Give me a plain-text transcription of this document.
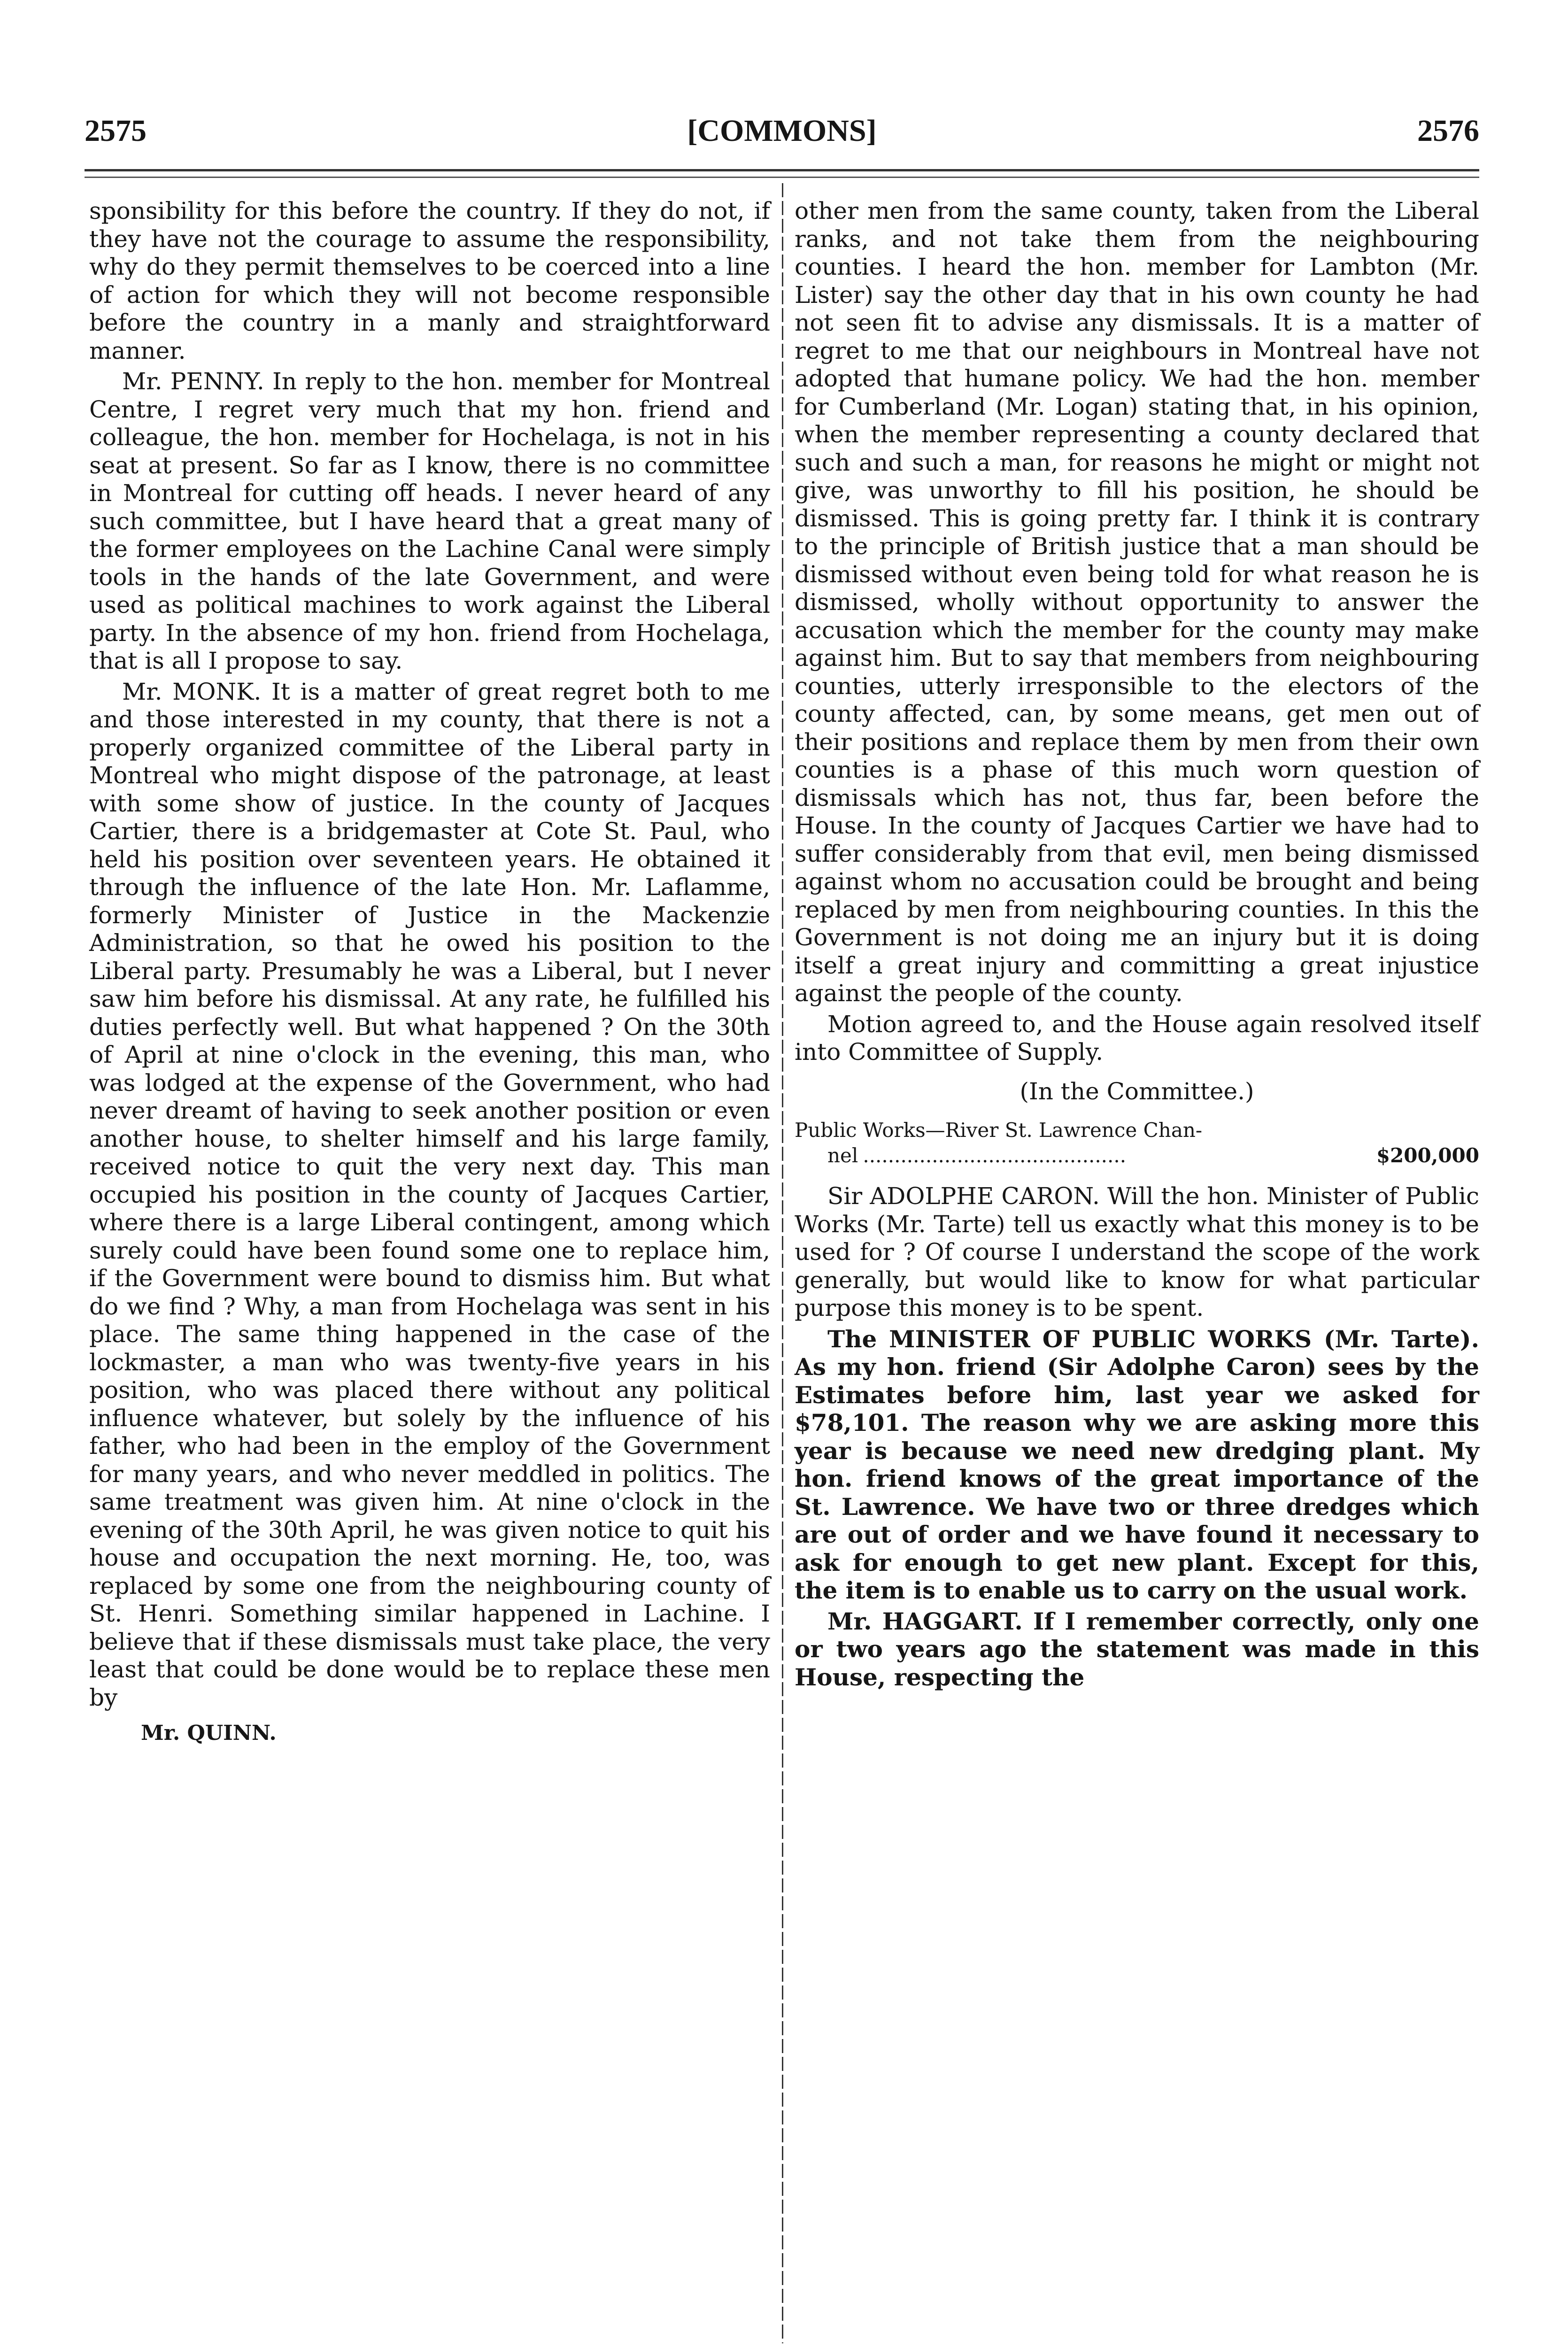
2575	[COMMONS]	2576

sponsibility for this before the country. If they do not, if they have not the courage to assume the responsibility, why do they permit themselves to be coerced into a line of action for which they will not become responsible before the country in a manly and straightforward manner.

Mr. PENNY. In reply to the hon. member for Montreal Centre, I regret very much that my hon. friend and colleague, the hon. member for Hochelaga, is not in his seat at present. So far as I know, there is no committee in Montreal for cutting off heads. I never heard of any such committee, but I have heard that a great many of the former employees on the Lachine Canal were simply tools in the hands of the late Government, and were used as political machines to work against the Liberal party. In the absence of my hon. friend from Hochelaga, that is all I propose to say.

Mr. MONK. It is a matter of great regret both to me and those interested in my county, that there is not a properly organized committee of the Liberal party in Montreal who might dispose of the patronage, at least with some show of justice. In the county of Jacques Cartier, there is a bridgemaster at Cote St. Paul, who held his position over seventeen years. He obtained it through the influence of the late Hon. Mr. Laflamme, formerly Minister of Justice in the Mackenzie Administration, so that he owed his position to the Liberal party. Presumably he was a Liberal, but I never saw him before his dismissal. At any rate, he fulfilled his duties perfectly well. But what happened ? On the 30th of April at nine o'clock in the evening, this man, who was lodged at the expense of the Government, who had never dreamt of having to seek another position or even another house, to shelter himself and his large family, received notice to quit the very next day. This man occupied his position in the county of Jacques Cartier, where there is a large Liberal contingent, among which surely could have been found some one to replace him, if the Government were bound to dismiss him. But what do we find ? Why, a man from Hochelaga was sent in his place. The same thing happened in the case of the lockmaster, a man who was twenty-five years in his position, who was placed there without any political influence whatever, but solely by the influence of his father, who had been in the employ of the Government for many years, and who never meddled in politics. The same treatment was given him. At nine o'clock in the evening of the 30th April, he was given notice to quit his house and occupation the next morning. He, too, was replaced by some one from the neighbouring county of St. Henri. Something similar happened in Lachine. I believe that if these dismissals must take place, the very least that could be done would be to replace these men by

Mr. QUINN.

other men from the same county, taken from the Liberal ranks, and not take them from the neighbouring counties. I heard the hon. member for Lambton (Mr. Lister) say the other day that in his own county he had not seen fit to advise any dismissals. It is a matter of regret to me that our neighbours in Montreal have not adopted that humane policy. We had the hon. member for Cumberland (Mr. Logan) stating that, in his opinion, when the member representing a county declared that such and such a man, for reasons he might or might not give, was unworthy to fill his position, he should be dismissed. This is going pretty far. I think it is contrary to the principle of British justice that a man should be dismissed without even being told for what reason he is dismissed, wholly without opportunity to answer the accusation which the member for the county may make against him. But to say that members from neighbouring counties, utterly irresponsible to the electors of the county affected, can, by some means, get men out of their positions and replace them by men from their own counties is a phase of this much worn question of dismissals which has not, thus far, been before the House. In the county of Jacques Cartier we have had to suffer considerably from that evil, men being dismissed against whom no accusation could be brought and being replaced by men from neighbouring counties. In this the Government is not doing me an injury but it is doing itself a great injury and committing a great injustice against the people of the county.

Motion agreed to, and the House again resolved itself into Committee of Supply.

(In the Committee.)

Public Works—River St. Lawrence Chan-
nel ..........................................	$200,000

Sir ADOLPHE CARON. Will the hon. Minister of Public Works (Mr. Tarte) tell us exactly what this money is to be used for ? Of course I understand the scope of the work generally, but would like to know for what particular purpose this money is to be spent.

The MINISTER OF PUBLIC WORKS (Mr. Tarte). As my hon. friend (Sir Adolphe Caron) sees by the Estimates before him, last year we asked for $78,101. The reason why we are asking more this year is because we need new dredging plant. My hon. friend knows of the great importance of the St. Lawrence. We have two or three dredges which are out of order and we have found it necessary to ask for enough to get new plant. Except for this, the item is to enable us to carry on the usual work.

Mr. HAGGART. If I remember correctly, only one or two years ago the statement was made in this House, respecting the
